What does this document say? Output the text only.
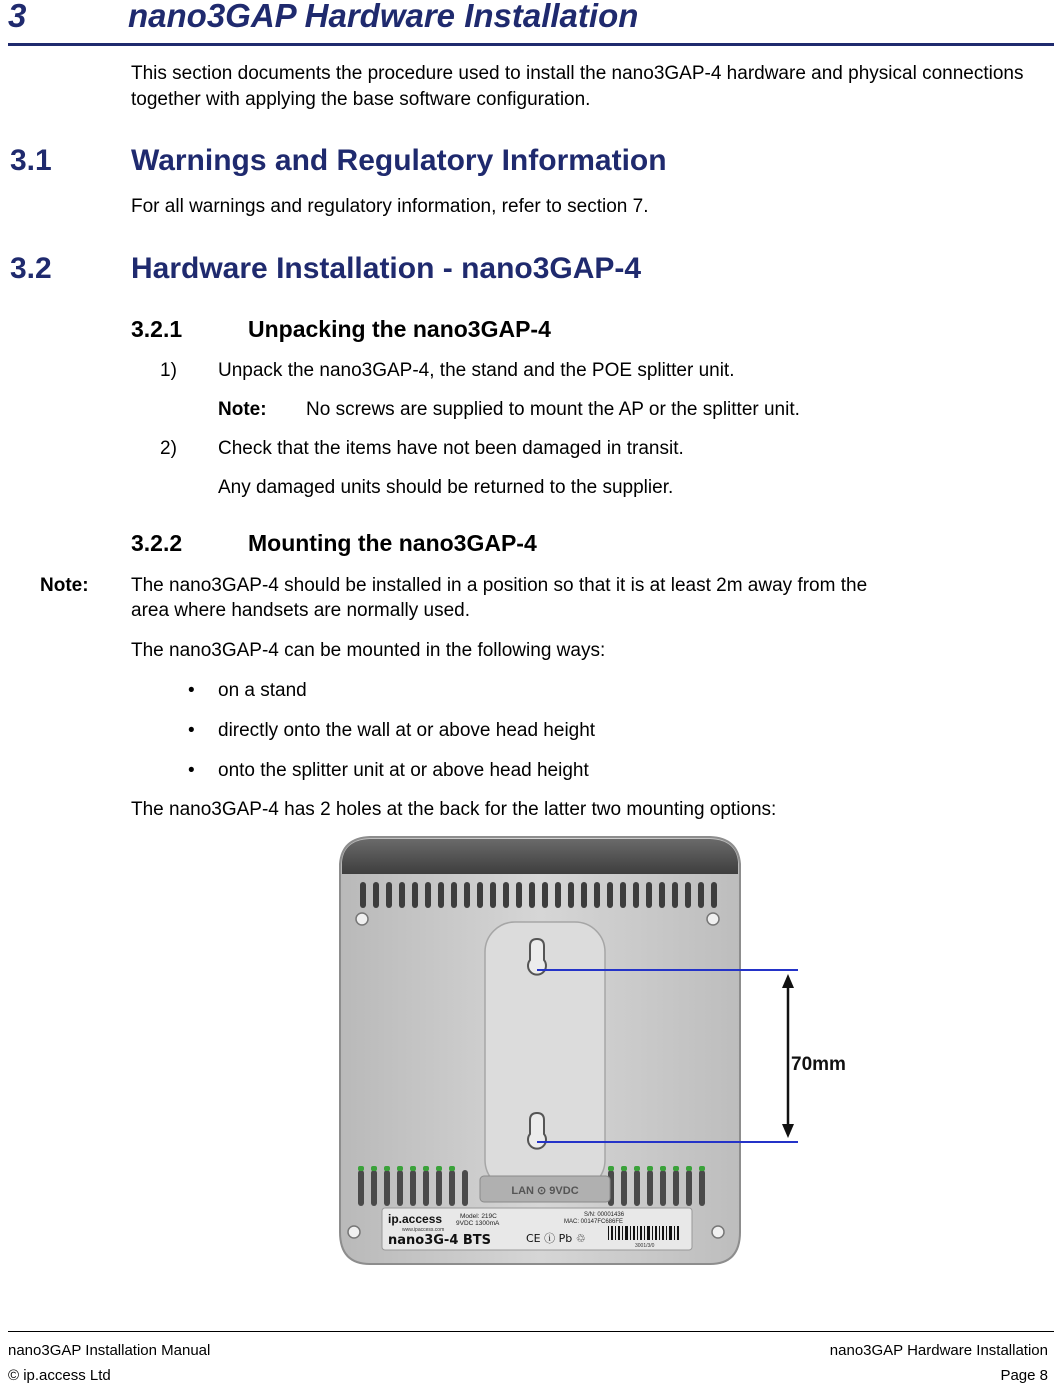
3	nano3GAP Hardware Installation
This section documents the procedure used to install the nano3GAP-4 hardware and physical connections together with applying the base software configuration.
3.1	Warnings and Regulatory Information
For all warnings and regulatory information, refer to section 7.
3.2	Hardware Installation - nano3GAP-4
3.2.1	Unpacking the nano3GAP-4
1) Unpack the nano3GAP-4, the stand and the POE splitter unit.
Note: No screws are supplied to mount the AP or the splitter unit.
2) Check that the items have not been damaged in transit.
Any damaged units should be returned to the supplier.
3.2.2	Mounting the nano3GAP-4
Note: The nano3GAP-4 should be installed in a position so that it is at least 2m away from the
area where handsets are normally used.
The nano3GAP-4 can be mounted in the following ways:
• on a stand
• directly onto the wall at or above head height
• onto the splitter unit at or above head height
The nano3GAP-4 has 2 holes at the back for the latter two mounting options:
LAN ⊙ 9VDC
ip.access
www.ipaccess.com
Model: 219C
9VDC 1300mA
S/N: 00001436
MAC: 00147FC686FE
nano3G-4 BTS	CE ⓘ Pb ♲
3001/3/0
70mm
nano3GAP Installation Manual	nano3GAP Hardware Installation
© ip.access Ltd	Page 8
